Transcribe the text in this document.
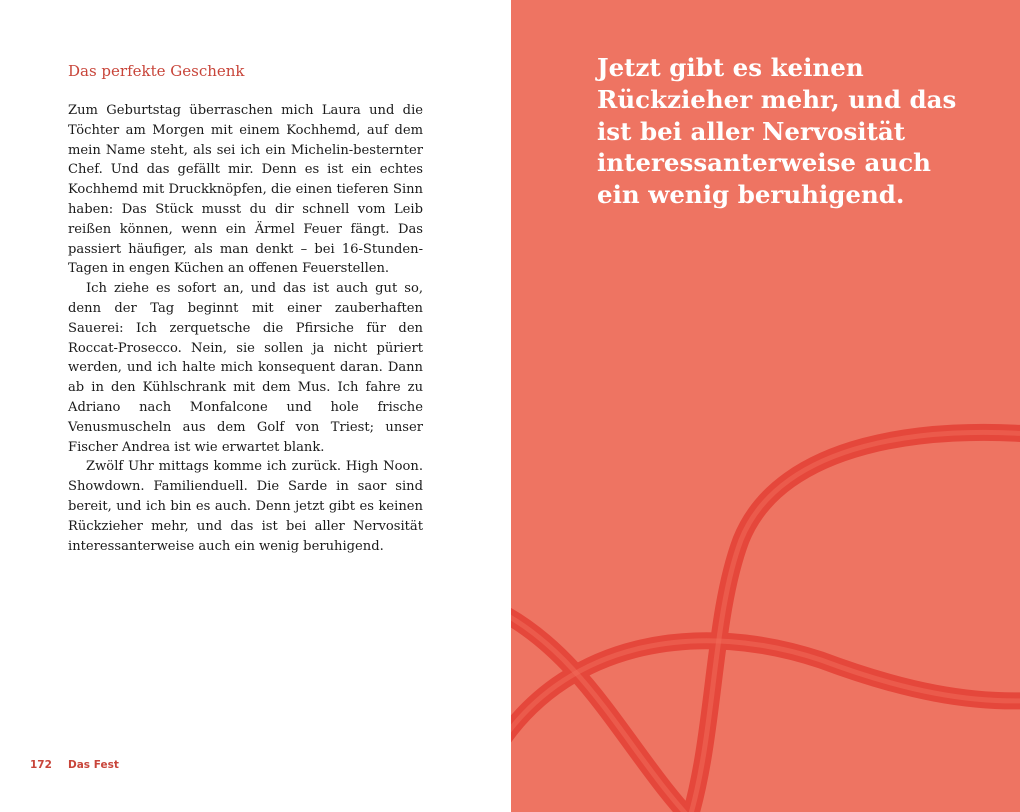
Das perfekte Geschenk

Zum Geburtstag überraschen mich Laura und die Töchter am Morgen mit einem Kochhemd, auf dem mein Name steht, als sei ich ein Michelin-besternter Chef. Und das gefällt mir. Denn es ist ein echtes Kochhemd mit Druckknöpfen, die einen tieferen Sinn haben: Das Stück musst du dir schnell vom Leib reißen können, wenn ein Ärmel Feuer fängt. Das passiert häufiger, als man denkt – bei 16-Stunden-Tagen in engen Küchen an offenen Feuerstellen.

Ich ziehe es sofort an, und das ist auch gut so, denn der Tag beginnt mit einer zauberhaften Sauerei: Ich zerquetsche die Pfirsiche für den Roccat-Prosecco. Nein, sie sollen ja nicht püriert werden, und ich halte mich konsequent daran. Dann ab in den Kühlschrank mit dem Mus. Ich fahre zu Adriano nach Monfalcone und hole frische Venusmuscheln aus dem Golf von Triest; unser Fischer Andrea ist wie erwartet blank.

Zwölf Uhr mittags komme ich zurück. High Noon. Showdown. Familienduell. Die Sarde in saor sind bereit, und ich bin es auch. Denn jetzt gibt es keinen Rückzieher mehr, und das ist bei aller Nervosität interessanterweise auch ein wenig beruhigend.

172 Das Fest
Jetzt gibt es keinen
Rückzieher mehr, und das
ist bei aller Nervosität
interessanterweise auch
ein wenig beruhigend.
